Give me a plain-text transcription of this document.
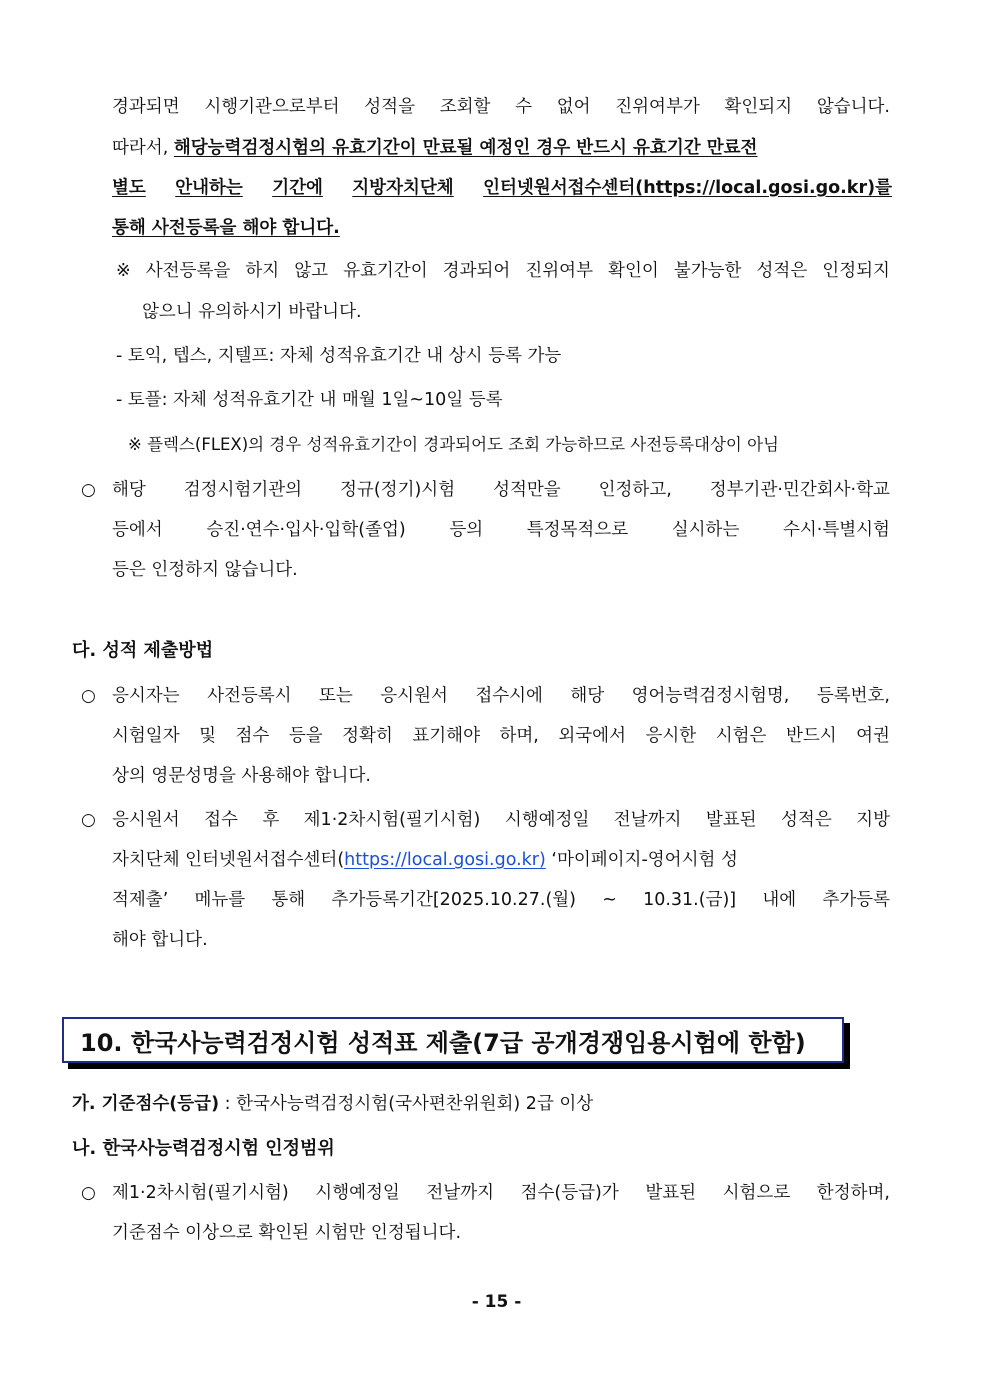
경과되면 시행기관으로부터 성적을 조회할 수 없어 진위여부가 확인되지 않습니다.
따라서, 해당능력검정시험의 유효기간이 만료될 예정인 경우 반드시 유효기간 만료전
별도 안내하는 기간에 지방자치단체 인터넷원서접수센터(https://local.gosi.go.kr)를
통해 사전등록을 해야 합니다.
※ 사전등록을 하지 않고 유효기간이 경과되어 진위여부 확인이 불가능한 성적은 인정되지
않으니 유의하시기 바랍니다.
- 토익, 텝스, 지텔프: 자체 성적유효기간 내 상시 등록 가능
- 토플: 자체 성적유효기간 내 매월 1일~10일 등록
※ 플렉스(FLEX)의 경우 성적유효기간이 경과되어도 조회 가능하므로 사전등록대상이 아님
○ 해당 검정시험기관의 정규(정기)시험 성적만을 인정하고, 정부기관·민간회사·학교
등에서 승진·연수·입사·입학(졸업) 등의 특정목적으로 실시하는 수시·특별시험
등은 인정하지 않습니다.
다. 성적 제출방법
○ 응시자는 사전등록시 또는 응시원서 접수시에 해당 영어능력검정시험명, 등록번호,
시험일자 및 점수 등을 정확히 표기해야 하며, 외국에서 응시한 시험은 반드시 여권
상의 영문성명을 사용해야 합니다.
○ 응시원서 접수 후 제1·2차시험(필기시험) 시행예정일 전날까지 발표된 성적은 지방
자치단체 인터넷원서접수센터(https://local.gosi.go.kr) ‘마이페이지-영어시험 성
적제출’ 메뉴를 통해 추가등록기간[2025.10.27.(월) ~ 10.31.(금)] 내에 추가등록
해야 합니다.
10. 한국사능력검정시험 성적표 제출(7급 공개경쟁임용시험에 한함)
가. 기준점수(등급) : 한국사능력검정시험(국사편찬위원회) 2급 이상
나. 한국사능력검정시험 인정범위
○ 제1·2차시험(필기시험) 시행예정일 전날까지 점수(등급)가 발표된 시험으로 한정하며,
기준점수 이상으로 확인된 시험만 인정됩니다.
- 15 -
